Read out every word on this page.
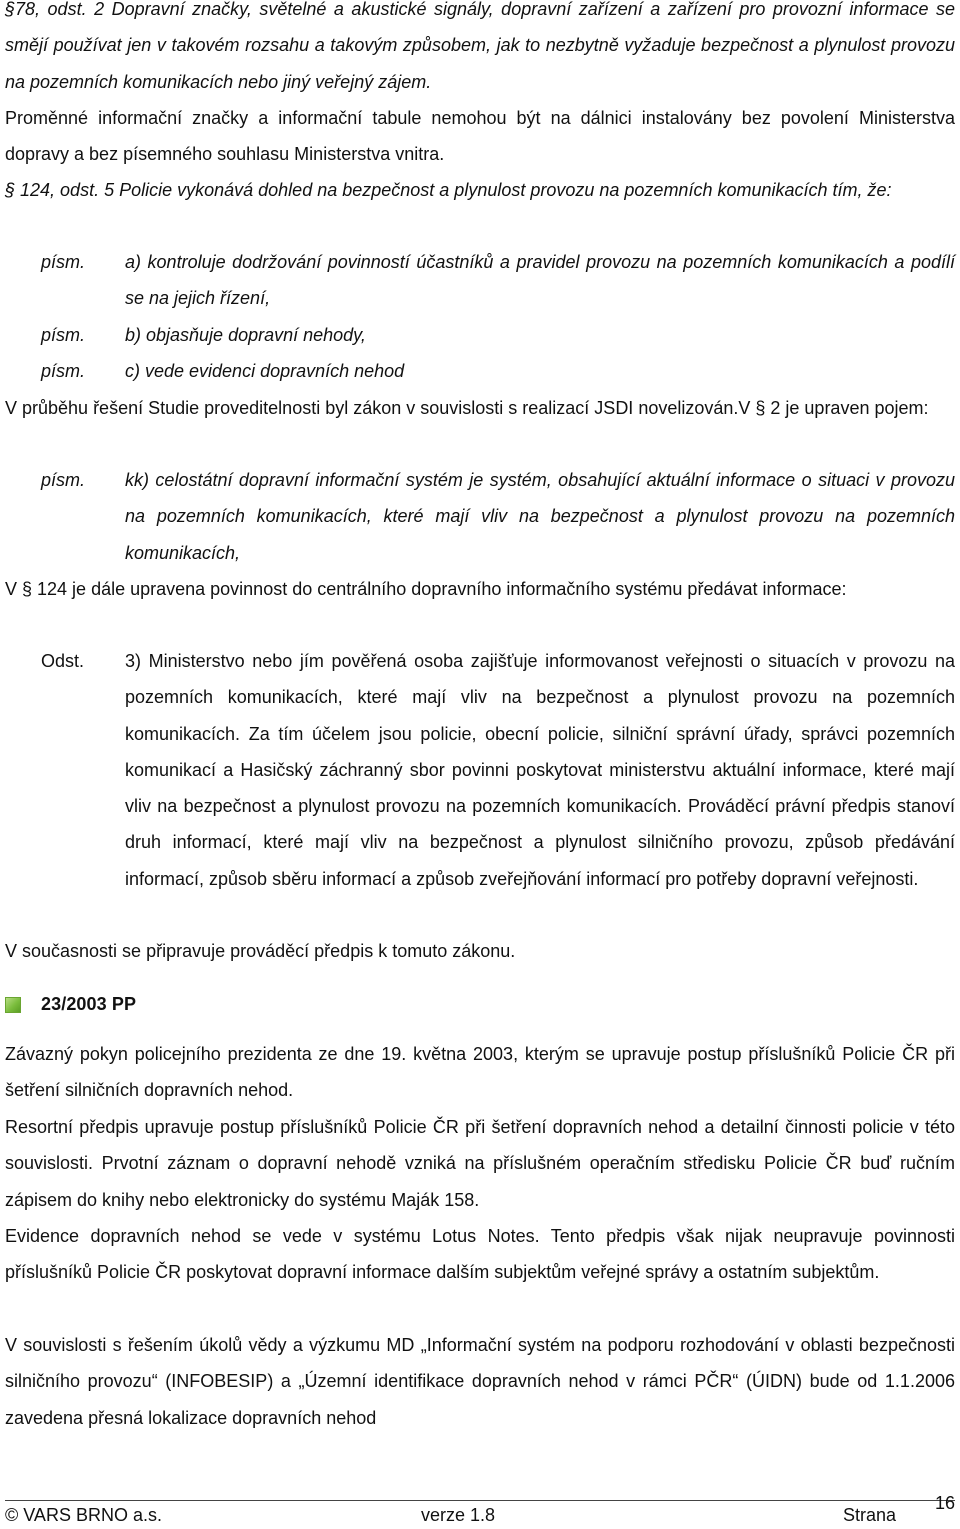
§78, odst. 2 Dopravní značky, světelné a akustické signály, dopravní zařízení a zařízení pro provozní informace se smějí používat jen v takovém rozsahu a takovým způsobem, jak to nezbytně vyžaduje bezpečnost a plynulost provozu na pozemních komunikacích nebo jiný veřejný zájem.

Proměnné informační značky a informační tabule nemohou být na dálnici instalovány bez povolení Ministerstva dopravy a bez písemného souhlasu Ministerstva vnitra.

§ 124, odst. 5 Policie vykonává dohled na bezpečnost a plynulost provozu na pozemních komunikacích tím, že:

písm.	a) kontroluje dodržování povinností účastníků a pravidel provozu na pozemních komunikacích a podílí se na jejich řízení,
písm.	b) objasňuje dopravní nehody,
písm.	c) vede evidenci dopravních nehod

V průběhu řešení Studie proveditelnosti byl zákon v souvislosti s realizací JSDI novelizován.V § 2 je upraven pojem:

písm.	kk) celostátní dopravní informační systém je systém, obsahující aktuální informace o situaci v provozu na pozemních komunikacích, které mají vliv na bezpečnost a plynulost provozu na pozemních komunikacích,

V § 124 je dále upravena povinnost do centrálního dopravního informačního systému předávat informace:

Odst.	3) Ministerstvo nebo jím pověřená osoba zajišťuje informovanost veřejnosti o situacích v provozu na pozemních komunikacích, které mají vliv na bezpečnost a plynulost provozu na pozemních komunikacích. Za tím účelem jsou policie, obecní policie, silniční správní úřady, správci pozemních komunikací a Hasičský záchranný sbor povinni poskytovat ministerstvu aktuální informace, které mají vliv na bezpečnost a plynulost provozu na pozemních komunikacích. Prováděcí právní předpis stanoví druh informací, které mají vliv na bezpečnost a plynulost silničního provozu, způsob předávání informací, způsob sběru informací a způsob zveřejňování informací pro potřeby dopravní veřejnosti.

V současnosti se připravuje prováděcí předpis k tomuto zákonu.

23/2003 PP

Závazný pokyn policejního prezidenta ze dne 19. května 2003, kterým se upravuje postup příslušníků Policie ČR při šetření silničních dopravních nehod.

Resortní předpis upravuje postup příslušníků Policie ČR při šetření dopravních nehod a detailní činnosti policie v této souvislosti. Prvotní záznam o dopravní nehodě vzniká na příslušném operačním středisku Policie ČR buď ručním zápisem do knihy nebo elektronicky do systému Maják 158.

Evidence dopravních nehod se vede v systému Lotus Notes. Tento předpis však nijak neupravuje povinnosti příslušníků Policie ČR poskytovat dopravní informace dalším subjektům veřejné správy a ostatním subjektům.

V souvislosti s řešením úkolů vědy a výzkumu MD „Informační systém na podporu rozhodování v oblasti bezpečnosti silničního provozu“ (INFOBESIP) a „Územní identifikace dopravních nehod v rámci PČR“ (ÚIDN) bude od 1.1.2006 zavedena přesná lokalizace dopravních nehod

© VARS BRNO a.s.	verze 1.8	Strana
16
